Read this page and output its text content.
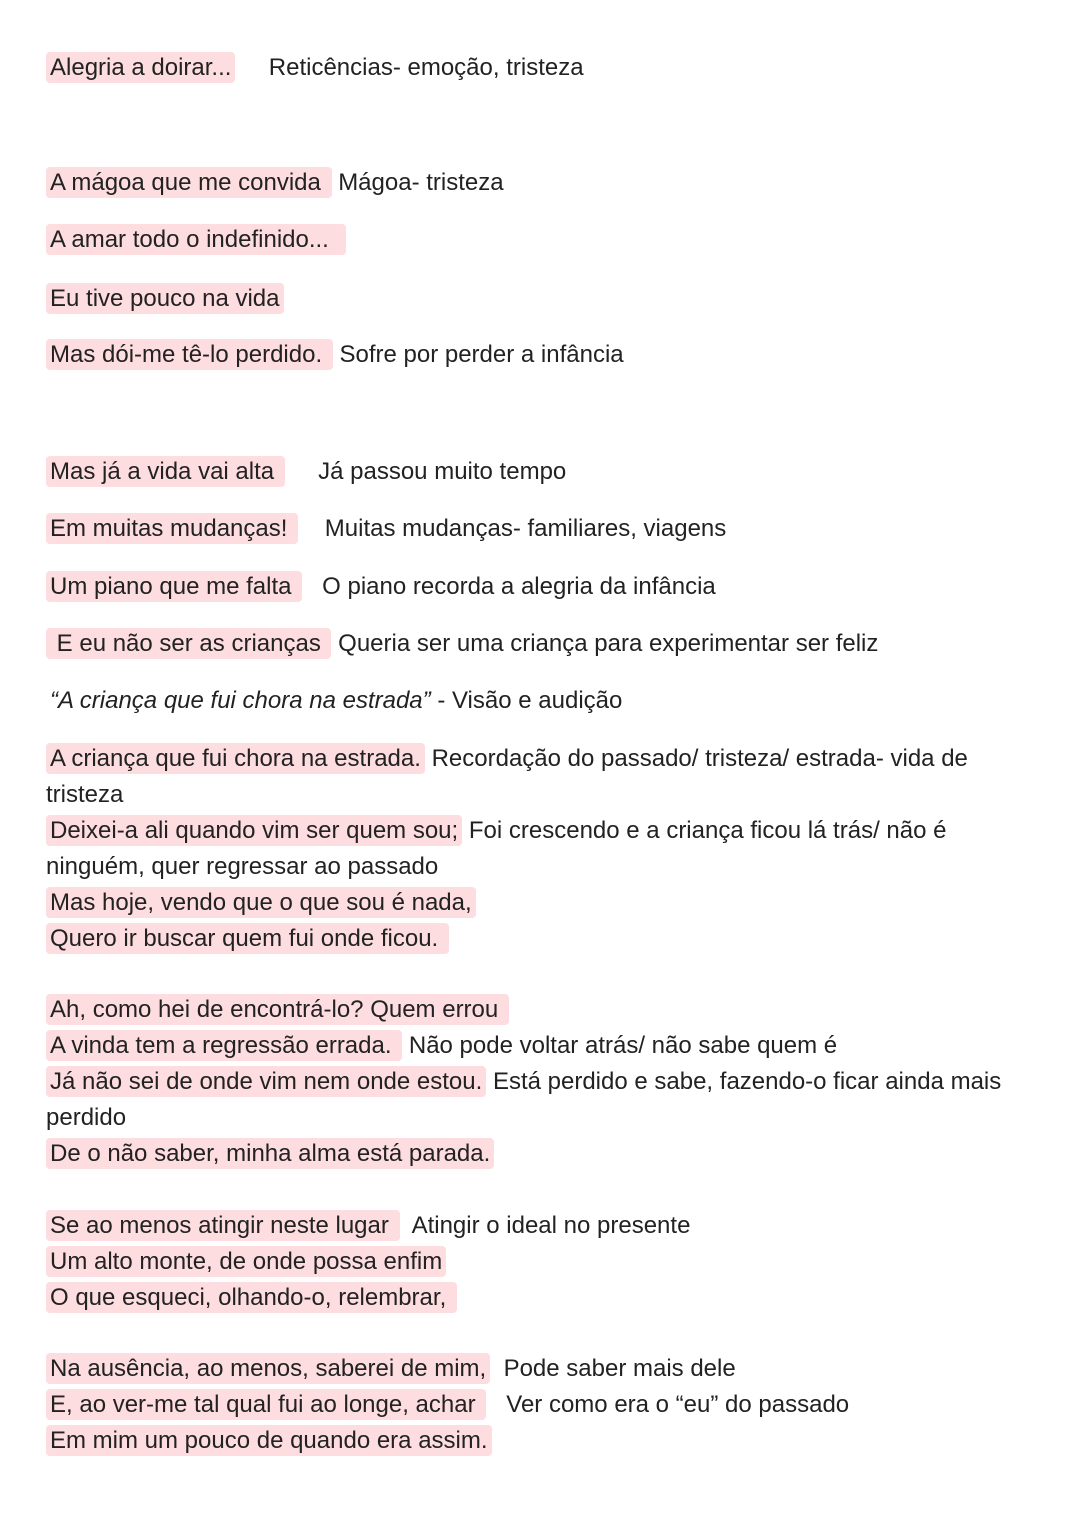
Alegria a doirar... Reticências- emoção, tristeza
A mágoa que me convida  Mágoa- tristeza
A amar todo o indefinido...
Eu tive pouco na vida
Mas dói-me tê-lo perdido.  Sofre por perder a infância
Mas já a vida vai alta      Já passou muito tempo
Em muitas mudanças!     Muitas mudanças- familiares, viagens
Um piano que me falta    O piano recorda a alegria da infância
E eu não ser as crianças  Queria ser uma criança para experimentar ser feliz
“A criança que fui chora na estrada” - Visão e audição
A criança que fui chora na estrada. Recordação do passado/ tristeza/ estrada- vida de tristeza
Deixei-a ali quando vim ser quem sou; Foi crescendo e a criança ficou lá trás/ não é ninguém, quer regressar ao passado
Mas hoje, vendo que o que sou é nada,
Quero ir buscar quem fui onde ficou.
Ah, como hei de encontrá-lo? Quem errou
A vinda tem a regressão errada.  Não pode voltar atrás/ não sabe quem é
Já não sei de onde vim nem onde estou. Está perdido e sabe, fazendo-o ficar ainda mais perdido
De o não saber, minha alma está parada.
Se ao menos atingir neste lugar   Atingir o ideal no presente
Um alto monte, de onde possa enfim
O que esqueci, olhando-o, relembrar,
Na ausência, ao menos, saberei de mim, Pode saber mais dele
E, ao ver-me tal qual fui ao longe, achar    Ver como era o “eu” do passado
Em mim um pouco de quando era assim.
